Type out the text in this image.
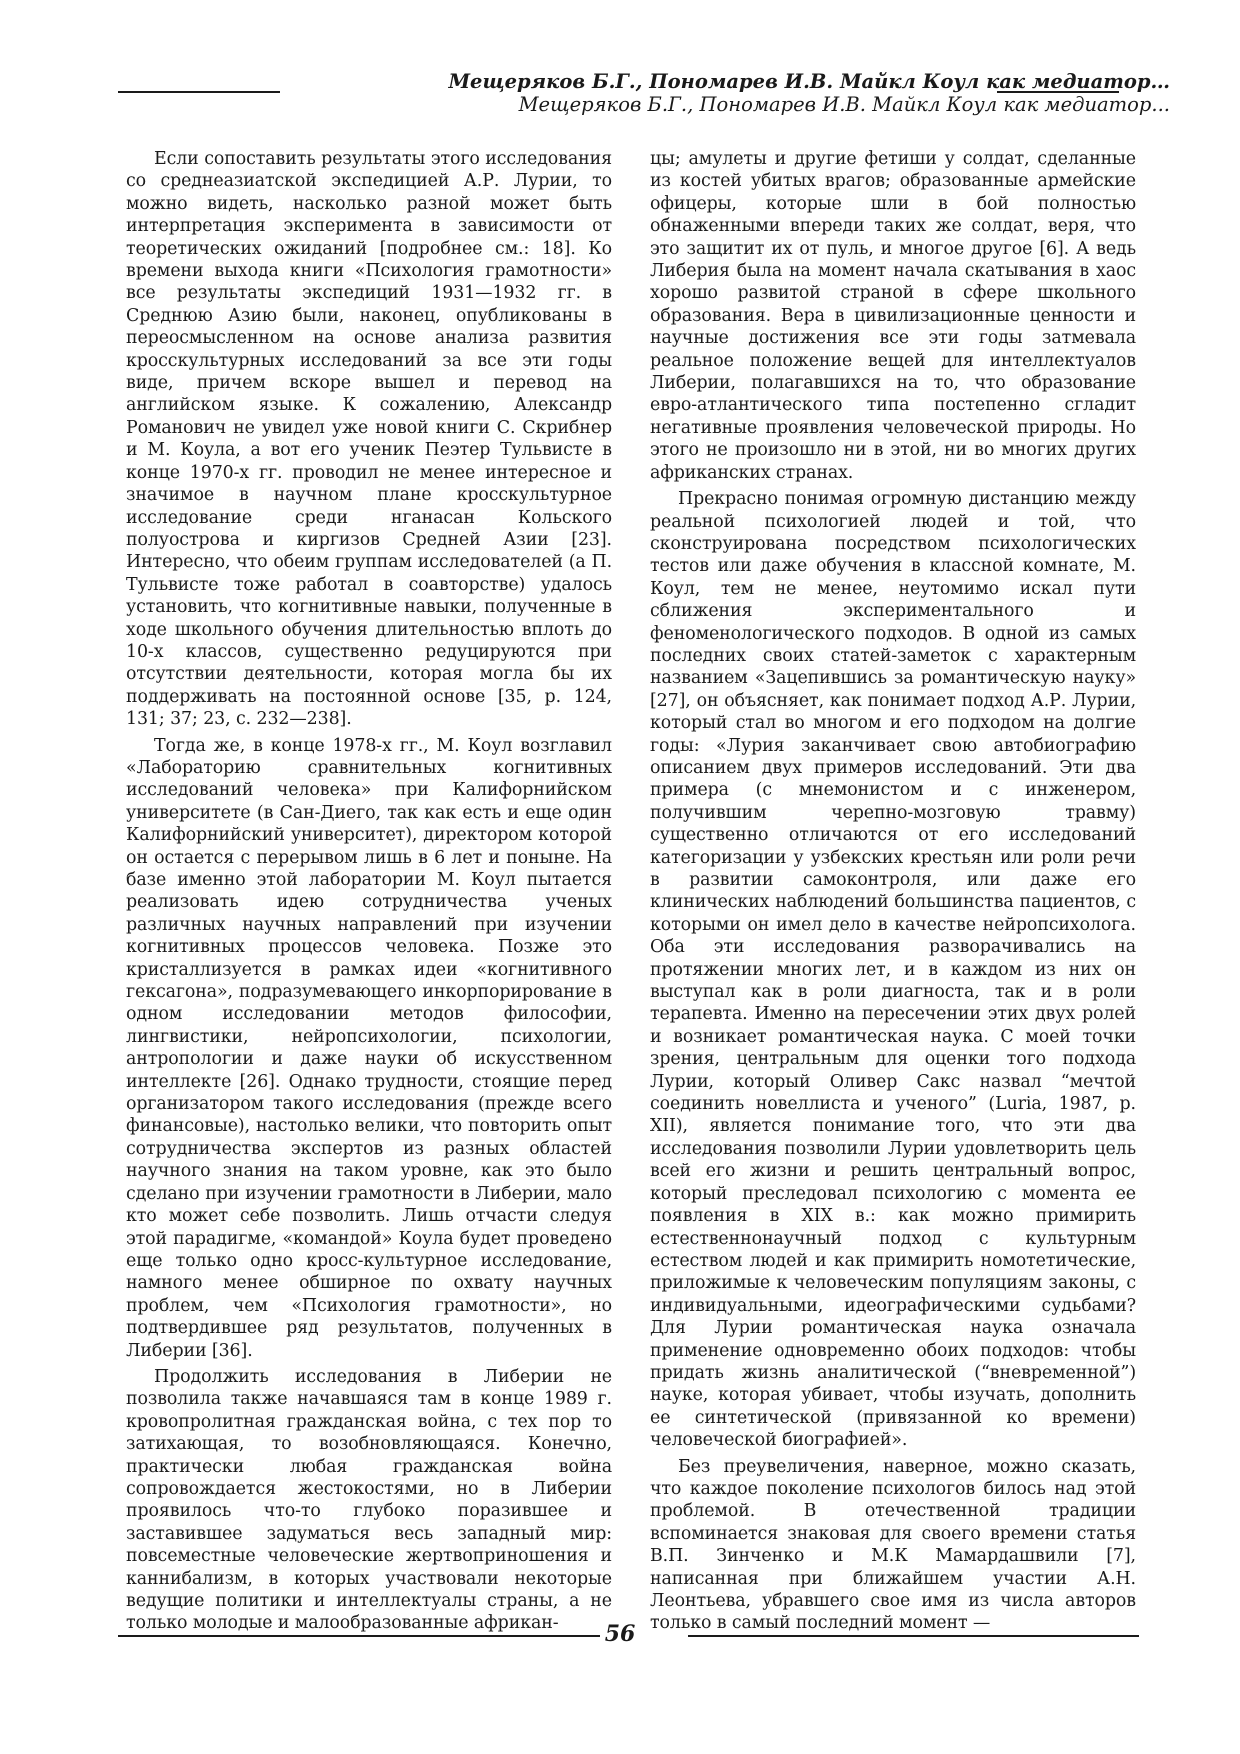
Мещеряков Б.Г., Пономарев И.В. Майкл Коул как медиатор…
Мещеряков Б.Г., Пономарев И.В. Майкл Коул как медиатор...

Если сопоставить результаты этого исследования со среднеазиатской экспедицией А.Р. Лурии, то можно видеть, насколько разной может быть интерпретация эксперимента в зависимости от теоретических ожиданий [подробнее см.: 18]. Ко времени выхода книги «Психология грамотности» все результаты экспедиций 1931—1932 гг. в Среднюю Азию были, наконец, опубликованы в переосмысленном на основе анализа развития кросскультурных исследований за все эти годы виде, причем вскоре вышел и перевод на английском языке. К сожалению, Александр Романович не увидел уже новой книги С. Скрибнер и М. Коула, а вот его ученик Пеэтер Тульвисте в конце 1970-х гг. проводил не менее интересное и значимое в научном плане кросскультурное исследование среди нганасан Кольского полуострова и киргизов Средней Азии [23]. Интересно, что обеим группам исследователей (а П. Тульвисте тоже работал в соавторстве) удалось установить, что когнитивные навыки, полученные в ходе школьного обучения длительностью вплоть до 10-х классов, существенно редуцируются при отсутствии деятельности, которая могла бы их поддерживать на постоянной основе [35, p. 124, 131; 37; 23, с. 232—238].

Тогда же, в конце 1978-х гг., М. Коул возглавил «Лабораторию сравнительных когнитивных исследований человека» при Калифорнийском университете (в Сан-Диего, так как есть и еще один Калифорнийский университет), директором которой он остается с перерывом лишь в 6 лет и поныне. На базе именно этой лаборатории М. Коул пытается реализовать идею сотрудничества ученых различных научных направлений при изучении когнитивных процессов человека. Позже это кристаллизуется в рамках идеи «когнитивного гексагона», подразумевающего инкорпорирование в одном исследовании методов философии, лингвистики, нейропсихологии, психологии, антропологии и даже науки об искусственном интеллекте [26]. Однако трудности, стоящие перед организатором такого исследования (прежде всего финансовые), настолько велики, что повторить опыт сотрудничества экспертов из разных областей научного знания на таком уровне, как это было сделано при изучении грамотности в Либерии, мало кто может себе позволить. Лишь отчасти следуя этой парадигме, «командой» Коула будет проведено еще только одно кросс-культурное исследование, намного менее обширное по охвату научных проблем, чем «Психология грамотности», но подтвердившее ряд результатов, полученных в Либерии [36].

Продолжить исследования в Либерии не позволила также начавшаяся там в конце 1989 г. кровопролитная гражданская война, с тех пор то затихающая, то возобновляющаяся. Конечно, практически любая гражданская война сопровождается жестокостями, но в Либерии проявилось что-то глубоко поразившее и заставившее задуматься весь западный мир: повсеместные человеческие жертвоприношения и каннибализм, в которых участвовали некоторые ведущие политики и интеллектуалы страны, а не только молодые и малообразованные африкан-

цы; амулеты и другие фетиши у солдат, сделанные из костей убитых врагов; образованные армейские офицеры, которые шли в бой полностью обнаженными впереди таких же солдат, веря, что это защитит их от пуль, и многое другое [6]. А ведь Либерия была на момент начала скатывания в хаос хорошо развитой страной в сфере школьного образования. Вера в цивилизационные ценности и научные достижения все эти годы затмевала реальное положение вещей для интеллектуалов Либерии, полагавшихся на то, что образование евро-атлантического типа постепенно сгладит негативные проявления человеческой природы. Но этого не произошло ни в этой, ни во многих других африканских странах.

Прекрасно понимая огромную дистанцию между реальной психологией людей и той, что сконструирована посредством психологических тестов или даже обучения в классной комнате, М. Коул, тем не менее, неутомимо искал пути сближения экспериментального и феноменологического подходов. В одной из самых последних своих статей-заметок с характерным названием «Зацепившись за романтическую науку» [27], он объясняет, как понимает подход А.Р. Лурии, который стал во многом и его подходом на долгие годы: «Лурия заканчивает свою автобиографию описанием двух примеров исследований. Эти два примера (с мнемонистом и с инженером, получившим черепно-мозговую травму) существенно отличаются от его исследований категоризации у узбекских крестьян или роли речи в развитии самоконтроля, или даже его клинических наблюдений большинства пациентов, с которыми он имел дело в качестве нейропсихолога. Оба эти исследования разворачивались на протяжении многих лет, и в каждом из них он выступал как в роли диагноста, так и в роли терапевта. Именно на пересечении этих двух ролей и возникает романтическая наука. С моей точки зрения, центральным для оценки того подхода Лурии, который Оливер Сакс назвал “мечтой соединить новеллиста и ученого” (Luria, 1987, p. XII), является понимание того, что эти два исследования позволили Лурии удовлетворить цель всей его жизни и решить центральный вопрос, который преследовал психологию с момента ее появления в XIX в.: как можно примирить естественнонаучный подход с культурным естеством людей и как примирить номотетические, приложимые к человеческим популяциям законы, с индивидуальными, идеографическими судьбами? Для Лурии романтическая наука означала применение одновременно обоих подходов: чтобы придать жизнь аналитической (“вневременной”) науке, которая убивает, чтобы изучать, дополнить ее синтетической (привязанной ко времени) человеческой биографией».

Без преувеличения, наверное, можно сказать, что каждое поколение психологов билось над этой проблемой. В отечественной традиции вспоминается знаковая для своего времени статья В.П. Зинченко и М.К Мамардашвили [7], написанная при ближайшем участии А.Н. Леонтьева, убравшего свое имя из числа авторов только в самый последний момент —

56
